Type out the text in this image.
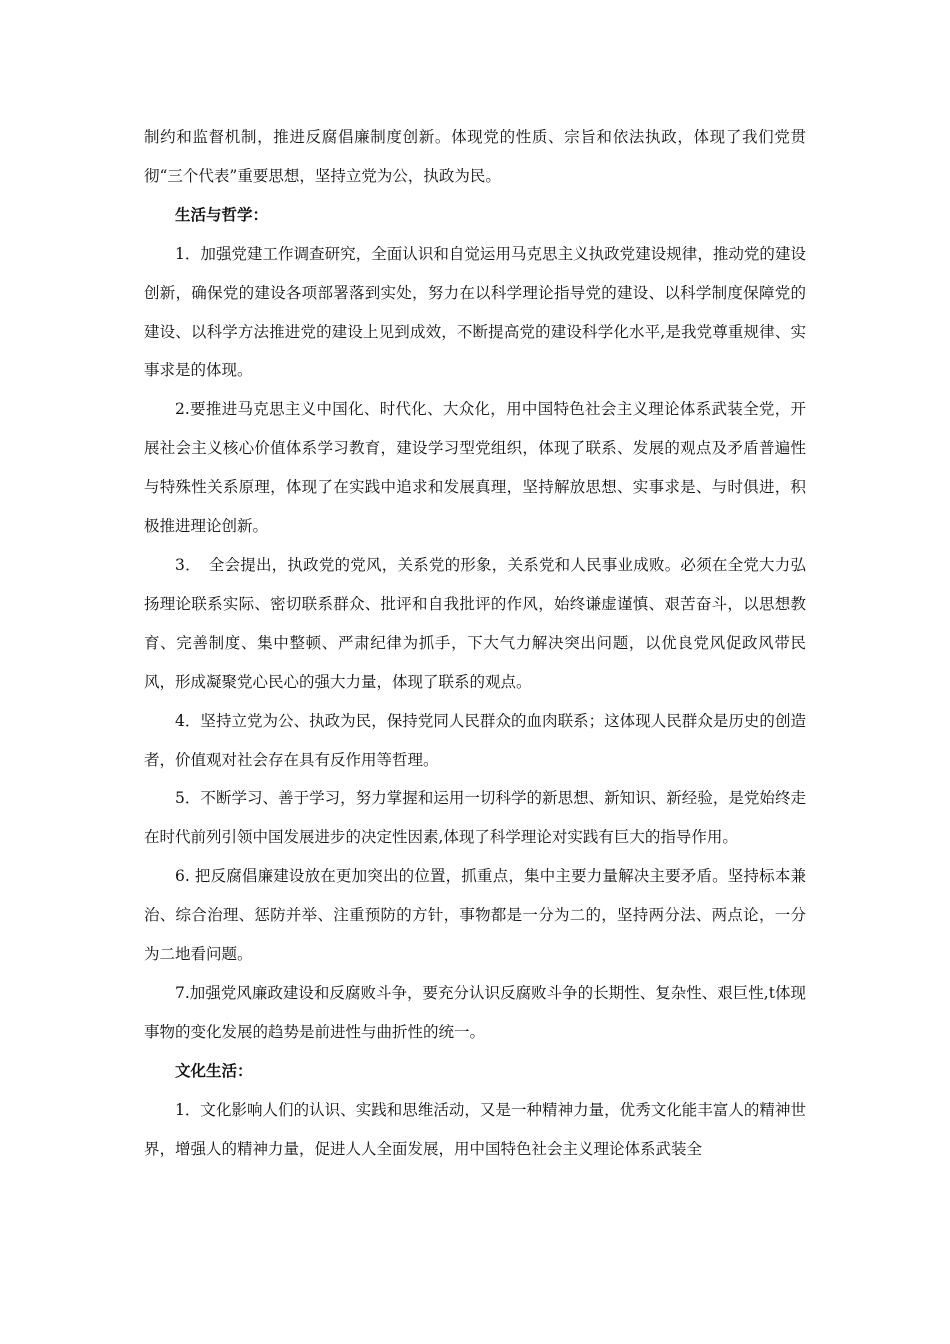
制约和监督机制，推进反腐倡廉制度创新。体现党的性质、宗旨和依法执政，体现了我们党贯彻“三个代表”重要思想，坚持立党为公，执政为民。

生活与哲学：

1．加强党建工作调查研究，全面认识和自觉运用马克思主义执政党建设规律，推动党的建设创新，确保党的建设各项部署落到实处，努力在以科学理论指导党的建设、以科学制度保障党的建设、以科学方法推进党的建设上见到成效，不断提高党的建设科学化水平,是我党尊重规律、实事求是的体现。

2.要推进马克思主义中国化、时代化、大众化，用中国特色社会主义理论体系武装全党，开展社会主义核心价值体系学习教育，建设学习型党组织，体现了联系、发展的观点及矛盾普遍性与特殊性关系原理，体现了在实践中追求和发展真理，坚持解放思想、实事求是、与时俱进，积极推进理论创新。

3．　全会提出，执政党的党风，关系党的形象，关系党和人民事业成败。必须在全党大力弘扬理论联系实际、密切联系群众、批评和自我批评的作风，始终谦虚谨慎、艰苦奋斗，以思想教育、完善制度、集中整顿、严肃纪律为抓手，下大气力解决突出问题，以优良党风促政风带民风，形成凝聚党心民心的强大力量，体现了联系的观点。

4．坚持立党为公、执政为民，保持党同人民群众的血肉联系；这体现人民群众是历史的创造者，价值观对社会存在具有反作用等哲理。

5．不断学习、善于学习，努力掌握和运用一切科学的新思想、新知识、新经验，是党始终走在时代前列引领中国发展进步的决定性因素,体现了科学理论对实践有巨大的指导作用。

6. 把反腐倡廉建设放在更加突出的位置，抓重点，集中主要力量解决主要矛盾。坚持标本兼治、综合治理、惩防并举、注重预防的方针，事物都是一分为二的，坚持两分法、两点论，一分为二地看问题。

7.加强党风廉政建设和反腐败斗争，要充分认识反腐败斗争的长期性、复杂性、艰巨性,t体现事物的变化发展的趋势是前进性与曲折性的统一。

文化生活：

1．文化影响人们的认识、实践和思维活动，又是一种精神力量，优秀文化能丰富人的精神世界，增强人的精神力量，促进人人全面发展，用中国特色社会主义理论体系武装全
